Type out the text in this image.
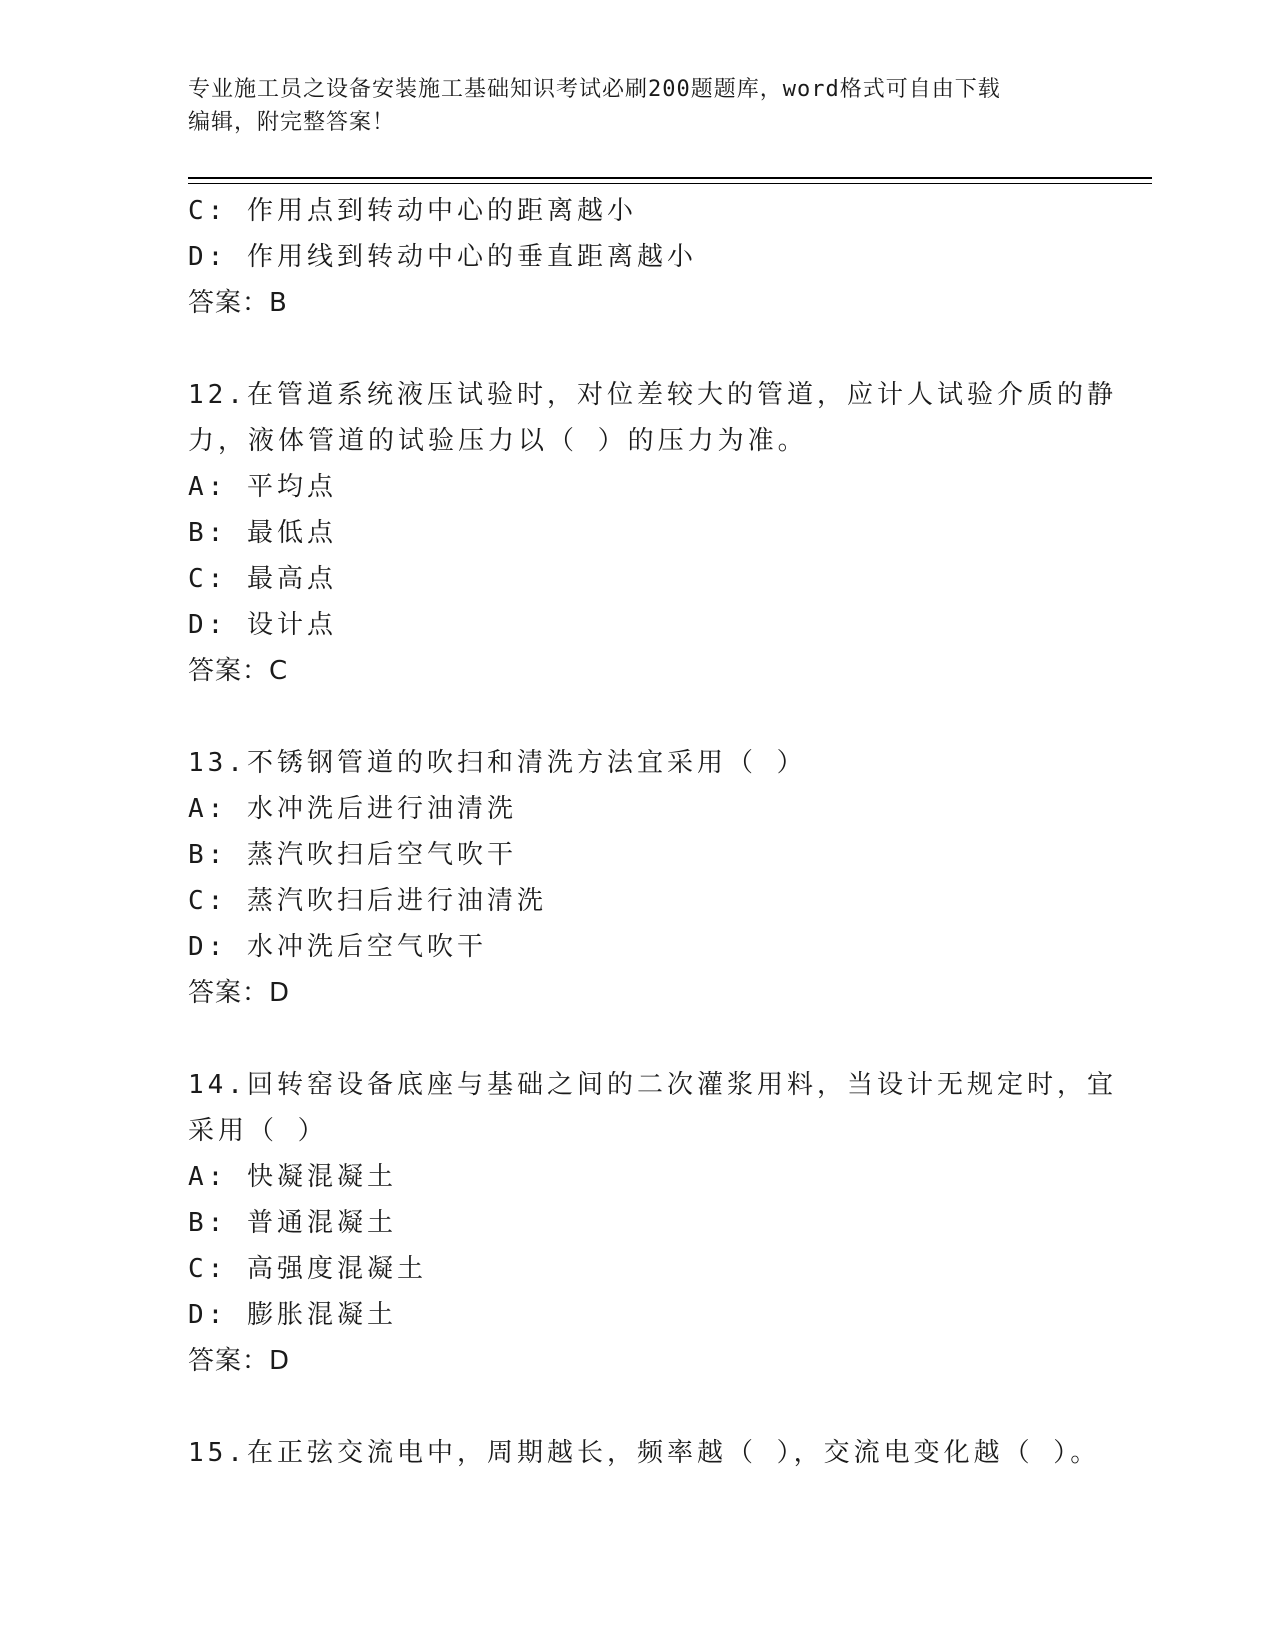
专业施工员之设备安装施工基础知识考试必刷200题题库，word格式可自由下载
编辑，附完整答案！
C: 作用点到转动中心的距离越小
D: 作用线到转动中心的垂直距离越小
答案：B
12.在管道系统液压试验时，对位差较大的管道，应计人试验介质的静
力，液体管道的试验压力以（ ）的压力为准。
A: 平均点
B: 最低点
C: 最高点
D: 设计点
答案：C
13.不锈钢管道的吹扫和清洗方法宜采用（ ）
A: 水冲洗后进行油清洗
B: 蒸汽吹扫后空气吹干
C: 蒸汽吹扫后进行油清洗
D: 水冲洗后空气吹干
答案：D
14.回转窑设备底座与基础之间的二次灌浆用料，当设计无规定时，宜
采用（ ）
A: 快凝混凝土
B: 普通混凝土
C: 高强度混凝土
D: 膨胀混凝土
答案：D
15.在正弦交流电中，周期越长，频率越（ ），交流电变化越（ ）。
